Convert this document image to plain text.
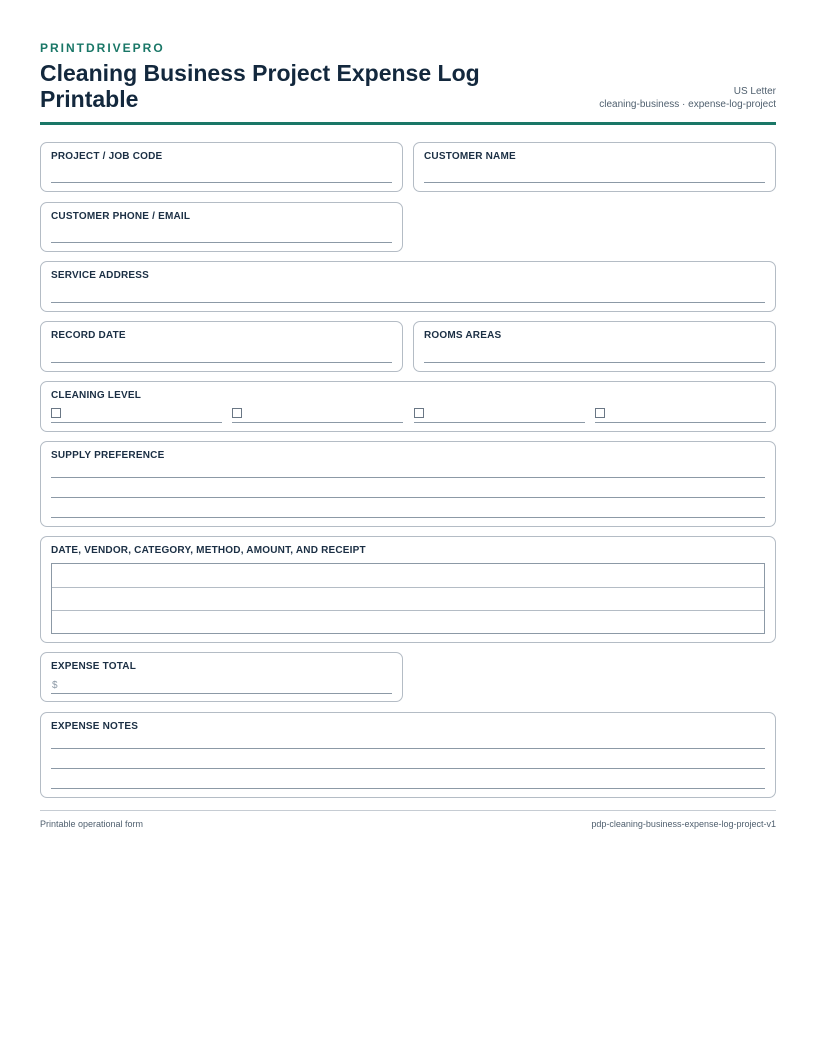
PRINTDRIVEPRO
Cleaning Business Project Expense Log Printable	US Letter
cleaning-business · expense-log-project
PROJECT / JOB CODE	CUSTOMER NAME
CUSTOMER PHONE / EMAIL
SERVICE ADDRESS
RECORD DATE	ROOMS AREAS
CLEANING LEVEL
SUPPLY PREFERENCE
DATE, VENDOR, CATEGORY, METHOD, AMOUNT, AND RECEIPT
EXPENSE TOTAL
$
EXPENSE NOTES
Printable operational form	pdp-cleaning-business-expense-log-project-v1
